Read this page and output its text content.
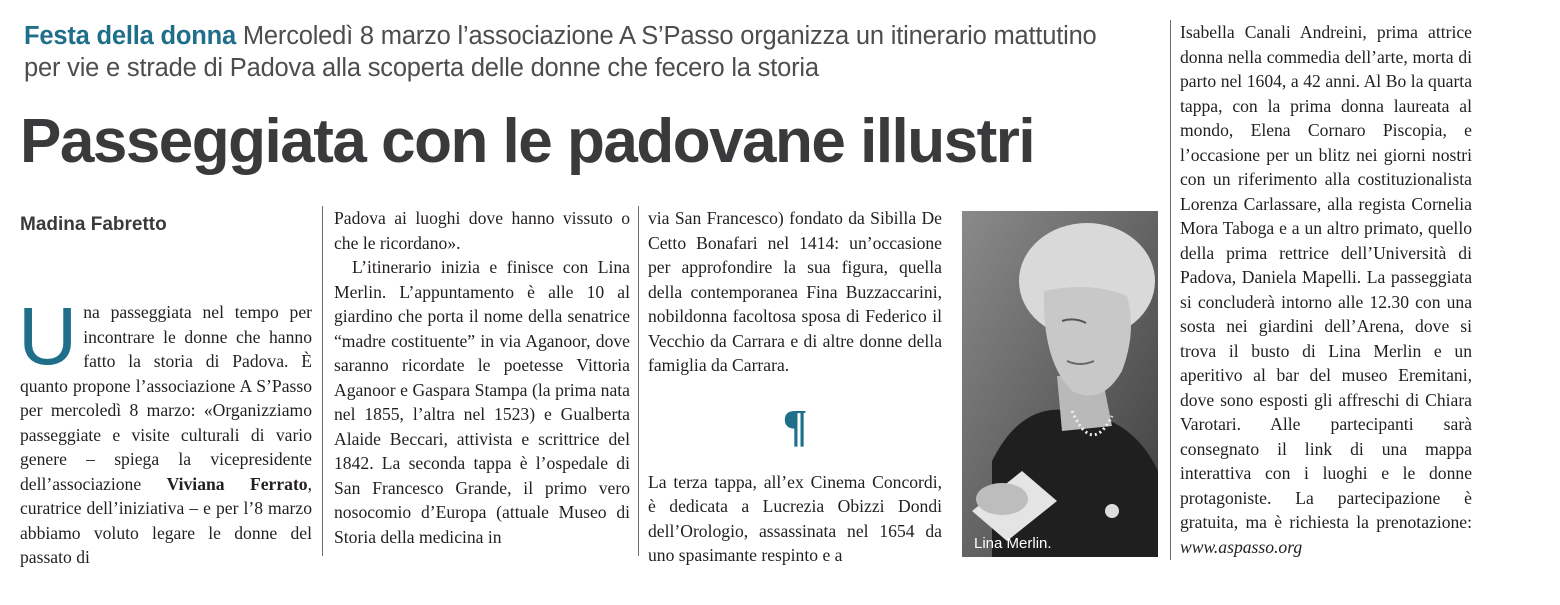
Festa della donna Mercoledì 8 marzo l’associazione A S’Passo organizza un itinerario mattutino per vie e strade di Padova alla scoperta delle donne che fecero la storia
Passeggiata con le padovane illustri
Madina Fabretto

Una passeggiata nel tempo per incontrare le donne che hanno fatto la storia di Padova. È quanto propone l’associazione A S’Passo per mercoledì 8 marzo: «Organizziamo passeggiate e visite culturali di vario genere – spiega la vicepresidente dell’associazione Viviana Ferrato, curatrice dell’iniziativa – e per l’8 marzo abbiamo voluto legare le donne del passato di

Padova ai luoghi dove hanno vissuto o che le ricordano».

L’itinerario inizia e finisce con Lina Merlin. L’appuntamento è alle 10 al giardino che porta il nome della senatrice “madre costituente” in via Aganoor, dove saranno ricordate le poetesse Vittoria Aganoor e Gaspara Stampa (la prima nata nel 1855, l’altra nel 1523) e Gualberta Alaide Beccari, attivista e scrittrice del 1842. La seconda tappa è l’ospedale di San Francesco Grande, il primo vero nosocomio d’Europa (attuale Museo di Storia della medicina in

via San Francesco) fondato da Sibilla De Cetto Bonafari nel 1414: un’occasione per approfondire la sua figura, quella della contemporanea Fina Buzzaccarini, nobildonna facoltosa sposa di Federico il Vecchio da Carrara e di altre donne della famiglia da Carrara.

¶

La terza tappa, all’ex Cinema Concordi, è dedicata a Lucrezia Obizzi Dondi dell’Orologio, assassinata nel 1654 da uno spasimante respinto e a

Lina Merlin.

Isabella Canali Andreini, prima attrice donna nella commedia dell’arte, morta di parto nel 1604, a 42 anni. Al Bo la quarta tappa, con la prima donna laureata al mondo, Elena Cornaro Piscopia, e l’occasione per un blitz nei giorni nostri con un riferimento alla costituzionalista Lorenza Carlassare, alla regista Cornelia Mora Taboga e a un altro primato, quello della prima rettrice dell’Università di Padova, Daniela Mapelli. La passeggiata si concluderà intorno alle 12.30 con una sosta nei giardini dell’Arena, dove si trova il busto di Lina Merlin e un aperitivo al bar del museo Eremitani, dove sono esposti gli affreschi di Chiara Varotari. Alle partecipanti sarà consegnato il link di una mappa interattiva con i luoghi e le donne protagoniste. La partecipazione è gratuita, ma è richiesta la prenotazione: www.aspasso.org
